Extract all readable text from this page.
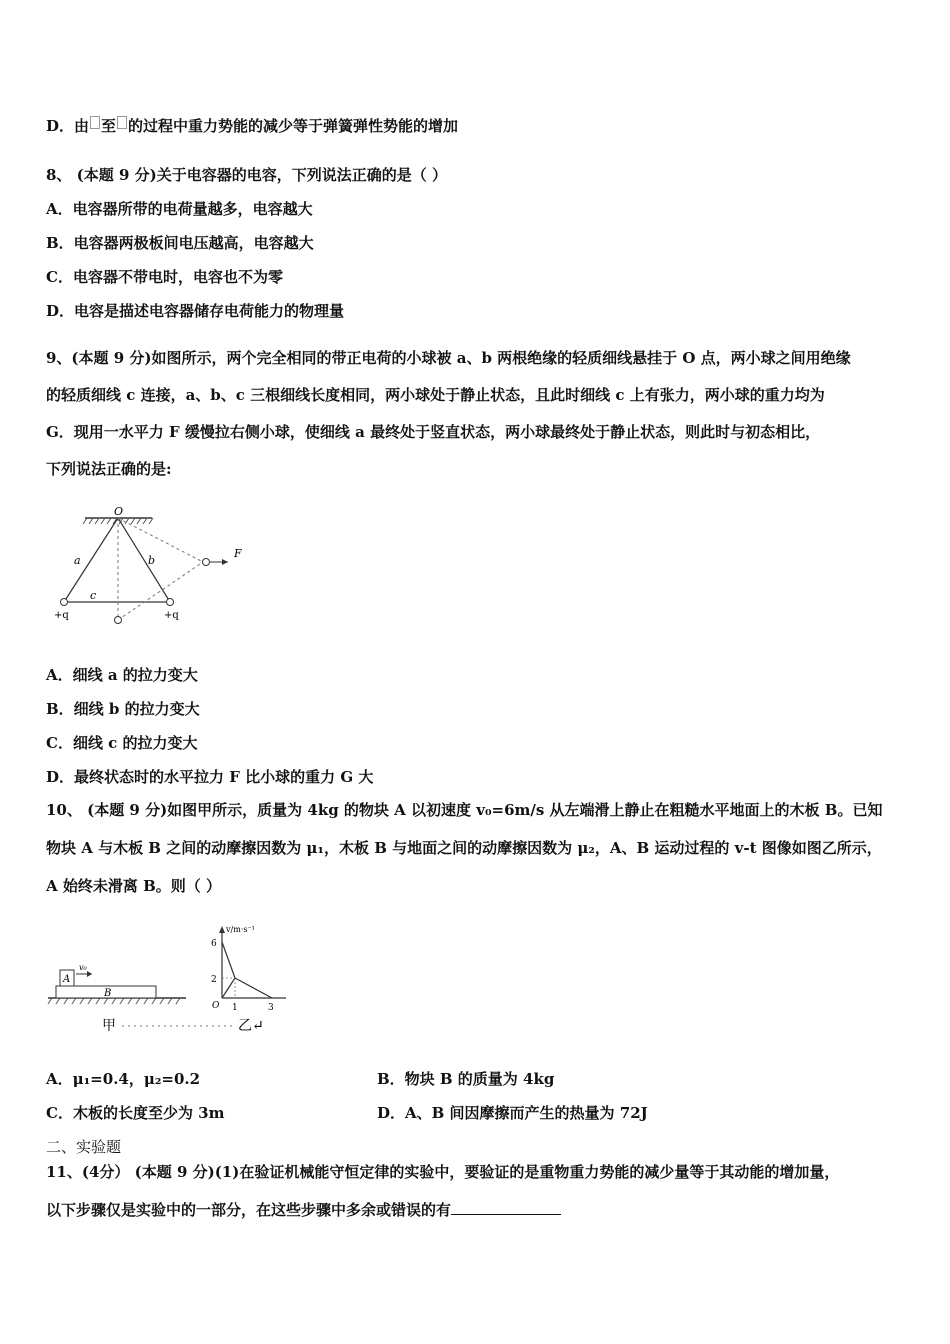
D．由 至 的过程中重力势能的减少等于弹簧弹性势能的增加
8、 (本题 9 分)关于电容器的电容，下列说法正确的是（ ）
A．电容器所带的电荷量越多，电容越大
B．电容器两极板间电压越高，电容越大
C．电容器不带电时，电容也不为零
D．电容是描述电容器储存电荷能力的物理量
9、(本题 9 分)如图所示，两个完全相同的带正电荷的小球被 a、b 两根绝缘的轻质细线悬挂于 O 点，两小球之间用绝缘
的轻质细线 c 连接，a、b、c 三根细线长度相同，两小球处于静止状态，且此时细线 c 上有张力，两小球的重力均为
G．现用一水平力 F 缓慢拉右侧小球，使细线 a 最终处于竖直状态，两小球最终处于静止状态，则此时与初态相比，
下列说法正确的是:
O
a	b
c
F
+q	+q
A．细线 a 的拉力变大
B．细线 b 的拉力变大
C．细线 c 的拉力变大
D．最终状态时的水平拉力 F 比小球的重力 G 大
10、 (本题 9 分)如图甲所示，质量为 4kg 的物块 A 以初速度 v₀=6m/s 从左端滑上静止在粗糙水平地面上的木板 B。已知
物块 A 与木板 B 之间的动摩擦因数为 μ₁，木板 B 与地面之间的动摩擦因数为 μ₂，A、B 运动过程的 v-t 图像如图乙所示，
A 始终未滑离 B。则（ ）
A
B
v₀
v/m·s⁻¹
6
2
O 1	3
甲	乙↵
A．μ₁=0.4，μ₂=0.2	B．物块 B 的质量为 4kg
C．木板的长度至少为 3m	D．A、B 间因摩擦而产生的热量为 72J
二、实验题
11、(4分） (本题 9 分)(1)在验证机械能守恒定律的实验中，要验证的是重物重力势能的减少量等于其动能的增加量，
以下步骤仅是实验中的一部分，在这些步骤中多余或错误的有
